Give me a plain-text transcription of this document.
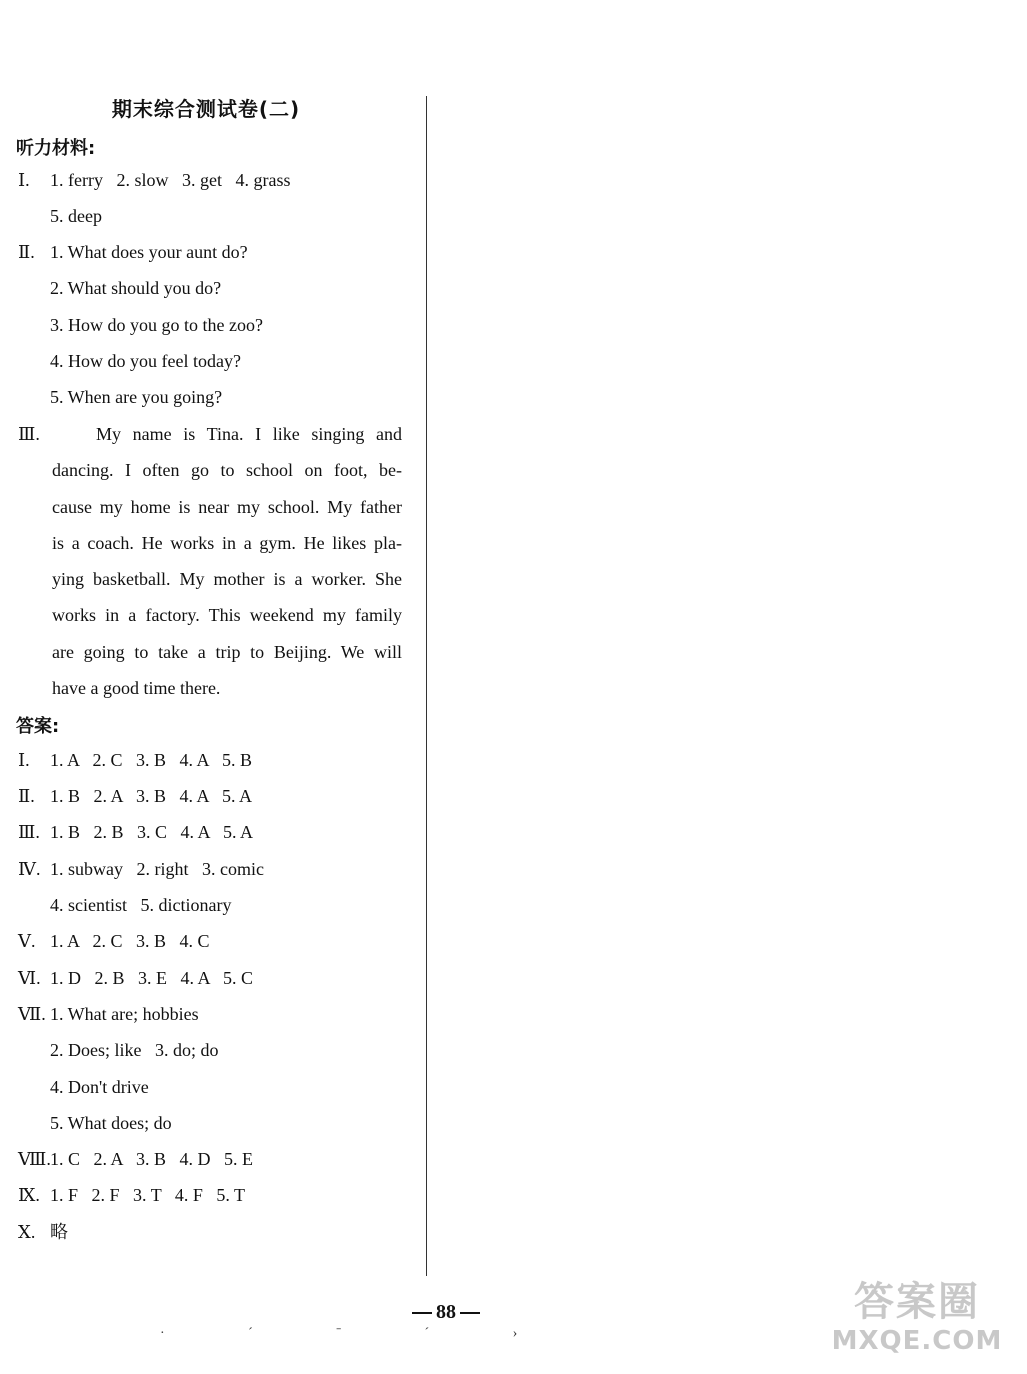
期末综合测试卷(二)
听力材料:
Ⅰ. 1. ferry   2. slow   3. get   4. grass
5. deep
Ⅱ. 1. What does your aunt do?
2. What should you do?
3. How do you go to the zoo?
4. How do you feel today?
5. When are you going?
Ⅲ.	My name is Tina. I like singing and
dancing. I often go to school on foot, be-
cause my home is near my school. My father
is a coach. He works in a gym. He likes pla-
ying basketball. My mother is a worker. She
works in a factory. This weekend my family
are going to take a trip to Beijing. We will
have a good time there.
答案:
Ⅰ. 1. A   2. C   3. B   4. A   5. B
Ⅱ. 1. B   2. A   3. B   4. A   5. A
Ⅲ. 1. B   2. B   3. C   4. A   5. A
Ⅳ. 1. subway   2. right   3. comic
4. scientist   5. dictionary
Ⅴ. 1. A   2. C   3. B   4. C
Ⅵ. 1. D   2. B   3. E   4. A   5. C
Ⅶ. 1. What are; hobbies
2. Does; like   3. do; do
4. Don't drive
5. What does; do
Ⅷ.1. C   2. A   3. B   4. D   5. E
Ⅸ. 1. F   2. F   3. T   4. F   5. T
Ⅹ. 略
88
· ´ ˉ ´ ›
答案圈
MXQE.COM
